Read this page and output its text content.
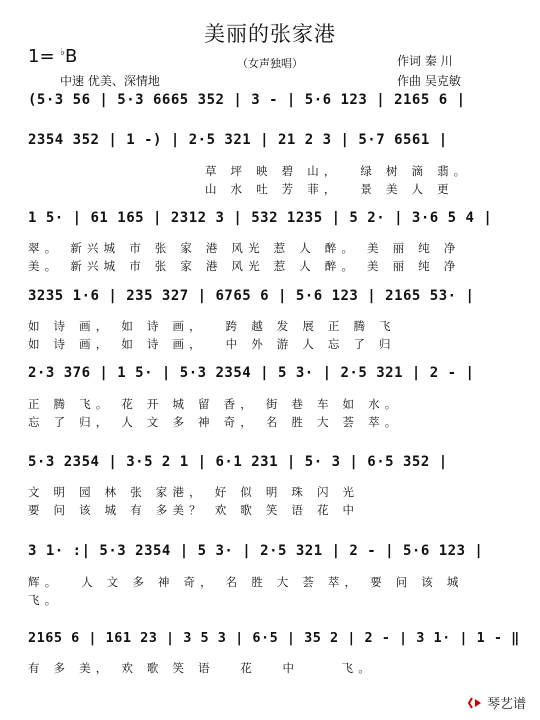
美丽的张家港
1= ♭B	（女声独唱）
中速 优美、深情地
作词 秦 川
作曲 吴克敏
(5·3 56 | 5·3 6665 352 | 3 - | 5·6 123 | 2165 6 |
2354 352 | 1 -) | 2·5 321 | 21 2 3 | 5·7 6561 |
草 坪 映 碧 山，　 绿 树 滴 翡。
山 水 吐 芳 菲，　 景 美 人 更
1 5· | 61 165 | 2312 3 | 532 1235 | 5 2· | 3·6 5 4 |
翠。 新兴城 市 张 家 港 风光 惹 人 醉。 美 丽 纯 净
美。 新兴城 市 张 家 港 风光 惹 人 醉。 美 丽 纯 净
3235 1·6 | 235 327 | 6765 6 | 5·6 123 | 2165 53· |
如 诗 画， 如 诗 画，　 跨 越 发 展 正 腾 飞
如 诗 画， 如 诗 画，　 中 外 游 人 忘 了 归
2·3 376 | 1 5· | 5·3 2354 | 5 3· | 2·5 321 | 2 - |
正 腾 飞。 花 开 城 留 香， 街 巷 车 如 水。
忘 了 归， 人 文 多 神 奇， 名 胜 大 荟 萃。
5·3 2354 | 3·5 2 1 | 6·1 231 | 5· 3 | 6·5 352 |
文 明 园 林 张 家港， 好 似 明 珠 闪 光
要 问 该 城 有 多美？ 欢 歌 笑 语 花 中
3 1· :| 5·3 2354 | 5 3· | 2·5 321 | 2 - | 5·6 123 |
辉。　 人 文 多 神 奇， 名 胜 大 荟 萃， 要 问 该 城
飞。
2165 6 | 161 23 | 3 5 3 | 6·5 | 35 2 | 2 - | 3 1· | 1 - ‖
有 多 美， 欢 歌 笑 语　 花　 中　　 飞。
琴艺谱
